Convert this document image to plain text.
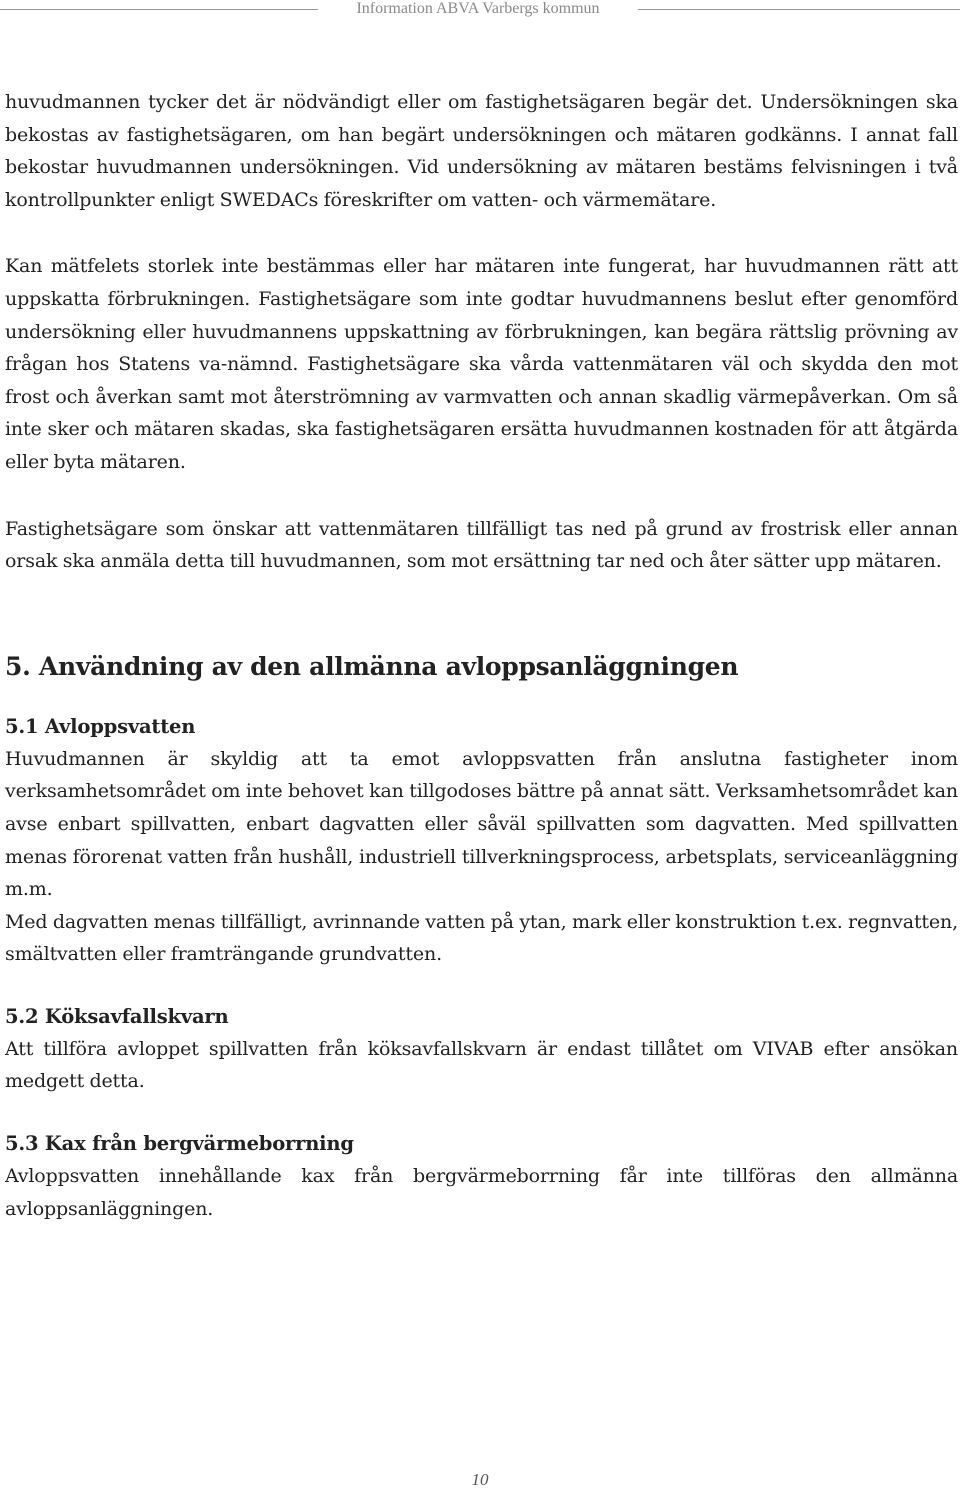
Information ABVA Varbergs kommun

huvudmannen tycker det är nödvändigt eller om fastighetsägaren begär det. Undersökningen ska bekostas av fastighetsägaren, om han begärt undersökningen och mätaren godkänns. I annat fall bekostar huvudmannen undersökningen. Vid undersökning av mätaren bestäms felvisningen i två kontrollpunkter enligt SWEDACs föreskrifter om vatten- och värmemätare.

Kan mätfelets storlek inte bestämmas eller har mätaren inte fungerat, har huvudmannen rätt att uppskatta förbrukningen. Fastighetsägare som inte godtar huvudmannens beslut efter genomförd undersökning eller huvudmannens uppskattning av förbrukningen, kan begära rättslig prövning av frågan hos Statens va-nämnd. Fastighetsägare ska vårda vattenmätaren väl och skydda den mot frost och åverkan samt mot återströmning av varmvatten och annan skadlig värmepåverkan. Om så inte sker och mätaren skadas, ska fastighetsägaren ersätta huvudmannen kostnaden för att åtgärda eller byta mätaren.

Fastighetsägare som önskar att vattenmätaren tillfälligt tas ned på grund av frostrisk eller annan orsak ska anmäla detta till huvudmannen, som mot ersättning tar ned och åter sätter upp mätaren.

5. Användning av den allmänna avloppsanläggningen
5.1 Avloppsvatten

Huvudmannen är skyldig att ta emot avloppsvatten från anslutna fastigheter inom verksamhetsområdet om inte behovet kan tillgodoses bättre på annat sätt. Verksamhetsområdet kan avse enbart spillvatten, enbart dagvatten eller såväl spillvatten som dagvatten. Med spillvatten menas förorenat vatten från hushåll, industriell tillverkningsprocess, arbetsplats, serviceanläggning m.m.

Med dagvatten menas tillfälligt, avrinnande vatten på ytan, mark eller konstruktion t.ex. regnvatten, smältvatten eller framträngande grundvatten.

5.2 Köksavfallskvarn

Att tillföra avloppet spillvatten från köksavfallskvarn är endast tillåtet om VIVAB efter ansökan medgett detta.

5.3 Kax från bergvärmeborrning

Avloppsvatten innehållande kax från bergvärmeborrning får inte tillföras den allmänna avloppsanläggningen.

10
